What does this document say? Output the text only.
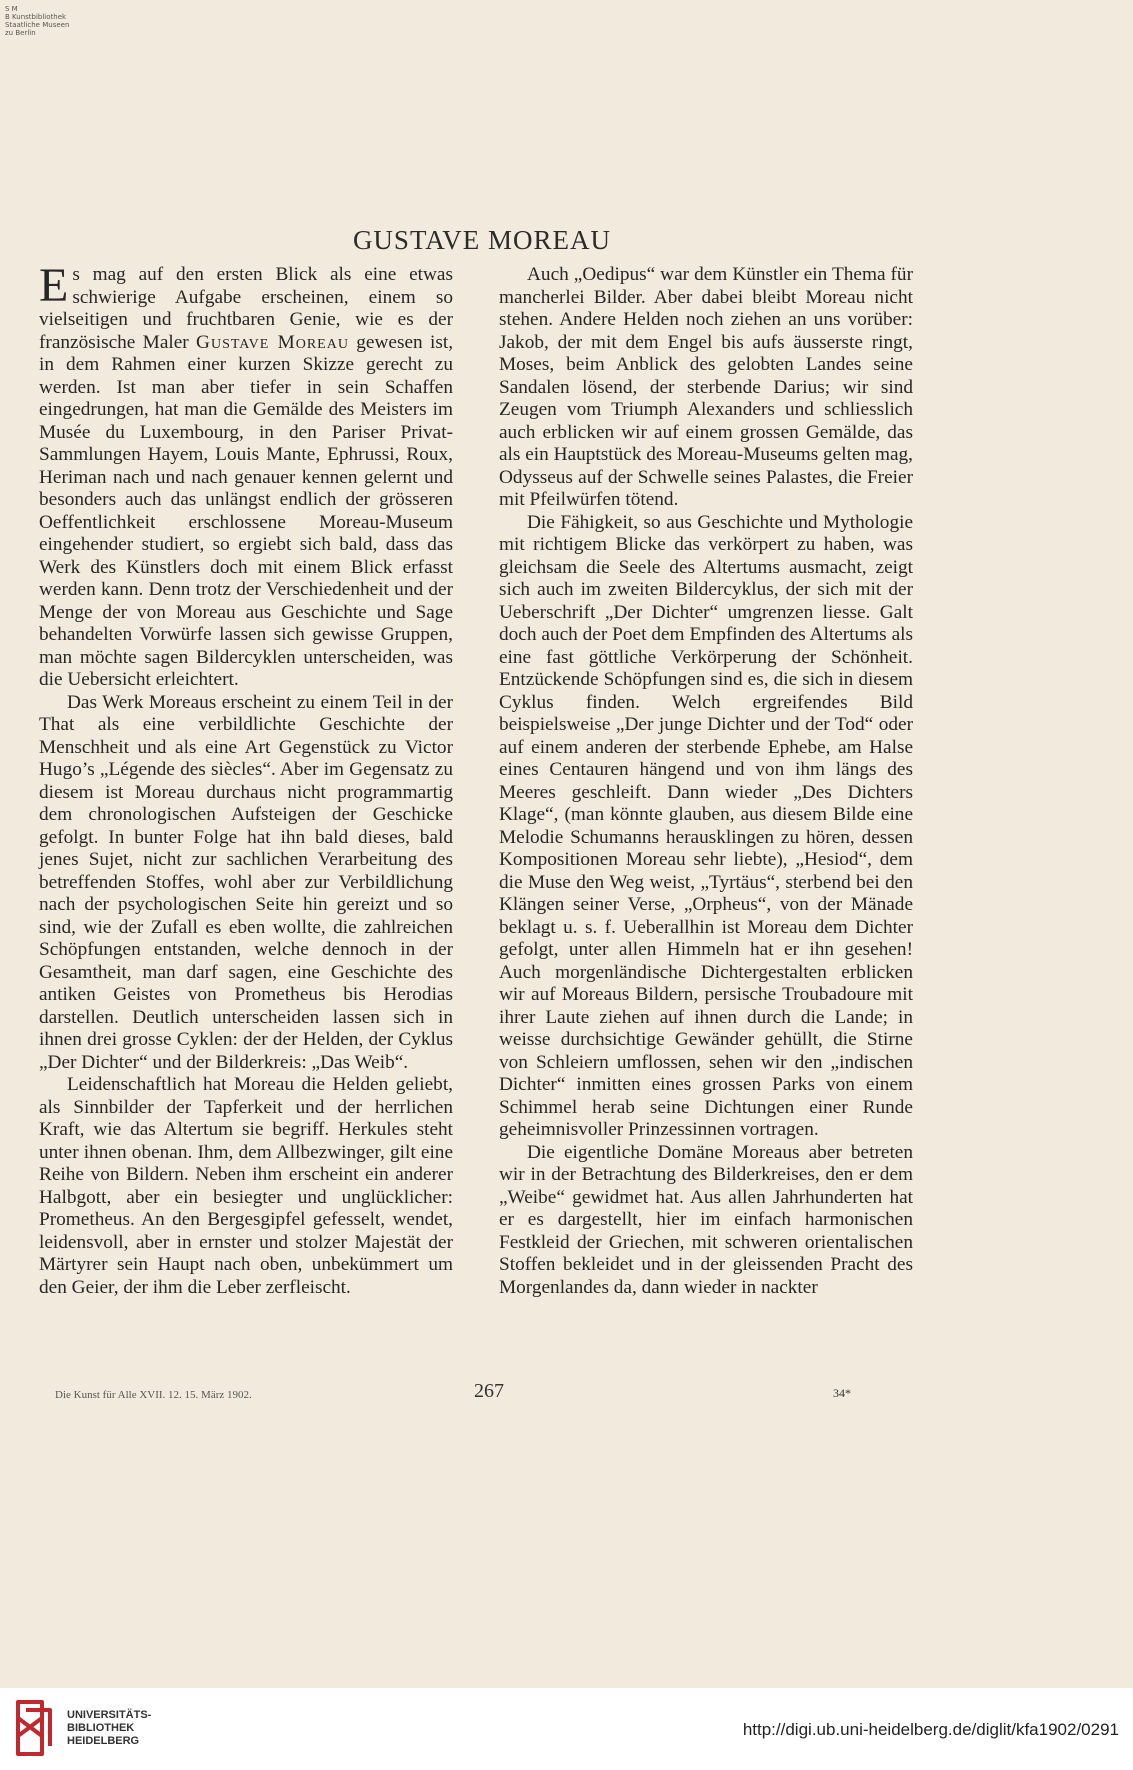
S M
B Kunstbibliothek
Staatliche Museen
zu Berlin
GUSTAVE MOREAU

Es mag auf den ersten Blick als eine etwas schwierige Aufgabe erscheinen, einem so vielseitigen und fruchtbaren Genie, wie es der französische Maler Gustave Moreau gewesen ist, in dem Rahmen einer kurzen Skizze gerecht zu werden. Ist man aber tiefer in sein Schaffen eingedrungen, hat man die Gemälde des Meisters im Musée du Luxembourg, in den Pariser Privat-Sammlungen Hayem, Louis Mante, Ephrussi, Roux, Heriman nach und nach genauer kennen gelernt und besonders auch das unlängst endlich der grösseren Oeffentlichkeit erschlossene Moreau-Museum eingehender studiert, so ergiebt sich bald, dass das Werk des Künstlers doch mit einem Blick erfasst werden kann. Denn trotz der Verschiedenheit und der Menge der von Moreau aus Geschichte und Sage behandelten Vorwürfe lassen sich gewisse Gruppen, man möchte sagen Bildercyklen unterscheiden, was die Uebersicht erleichtert.

Das Werk Moreaus erscheint zu einem Teil in der That als eine verbildlichte Geschichte der Menschheit und als eine Art Gegenstück zu Victor Hugo’s „Légende des siècles“. Aber im Gegensatz zu diesem ist Moreau durchaus nicht programmartig dem chronologischen Aufsteigen der Geschicke gefolgt. In bunter Folge hat ihn bald dieses, bald jenes Sujet, nicht zur sachlichen Verarbeitung des betreffenden Stoffes, wohl aber zur Verbildlichung nach der psychologischen Seite hin gereizt und so sind, wie der Zufall es eben wollte, die zahlreichen Schöpfungen entstanden, welche dennoch in der Gesamtheit, man darf sagen, eine Geschichte des antiken Geistes von Prometheus bis Herodias darstellen. Deutlich unterscheiden lassen sich in ihnen drei grosse Cyklen: der der Helden, der Cyklus „Der Dichter“ und der Bilderkreis: „Das Weib“.

Leidenschaftlich hat Moreau die Helden geliebt, als Sinnbilder der Tapferkeit und der herrlichen Kraft, wie das Altertum sie begriff. Herkules steht unter ihnen obenan. Ihm, dem Allbezwinger, gilt eine Reihe von Bildern. Neben ihm erscheint ein anderer Halbgott, aber ein besiegter und unglücklicher: Prometheus. An den Bergesgipfel gefesselt, wendet, leidensvoll, aber in ernster und stolzer Majestät der Märtyrer sein Haupt nach oben, unbekümmert um den Geier, der ihm die Leber zerfleischt.

Auch „Oedipus“ war dem Künstler ein Thema für mancherlei Bilder. Aber dabei bleibt Moreau nicht stehen. Andere Helden noch ziehen an uns vorüber: Jakob, der mit dem Engel bis aufs äusserste ringt, Moses, beim Anblick des gelobten Landes seine Sandalen lösend, der sterbende Darius; wir sind Zeugen vom Triumph Alexanders und schliesslich auch erblicken wir auf einem grossen Gemälde, das als ein Hauptstück des Moreau-Museums gelten mag, Odysseus auf der Schwelle seines Palastes, die Freier mit Pfeilwürfen tötend.

Die Fähigkeit, so aus Geschichte und Mythologie mit richtigem Blicke das verkörpert zu haben, was gleichsam die Seele des Altertums ausmacht, zeigt sich auch im zweiten Bildercyklus, der sich mit der Ueberschrift „Der Dichter“ umgrenzen liesse. Galt doch auch der Poet dem Empfinden des Altertums als eine fast göttliche Verkörperung der Schönheit. Entzückende Schöpfungen sind es, die sich in diesem Cyklus finden. Welch ergreifendes Bild beispielsweise „Der junge Dichter und der Tod“ oder auf einem anderen der sterbende Ephebe, am Halse eines Centauren hängend und von ihm längs des Meeres geschleift. Dann wieder „Des Dichters Klage“, (man könnte glauben, aus diesem Bilde eine Melodie Schumanns herausklingen zu hören, dessen Kompositionen Moreau sehr liebte), „Hesiod“, dem die Muse den Weg weist, „Tyrtäus“, sterbend bei den Klängen seiner Verse, „Orpheus“, von der Mänade beklagt u. s. f. Ueberallhin ist Moreau dem Dichter gefolgt, unter allen Himmeln hat er ihn gesehen! Auch morgenländische Dichtergestalten erblicken wir auf Moreaus Bildern, persische Troubadoure mit ihrer Laute ziehen auf ihnen durch die Lande; in weisse durchsichtige Gewänder gehüllt, die Stirne von Schleiern umflossen, sehen wir den „indischen Dichter“ inmitten eines grossen Parks von einem Schimmel herab seine Dichtungen einer Runde geheimnisvoller Prinzessinnen vortragen.

Die eigentliche Domäne Moreaus aber betreten wir in der Betrachtung des Bilderkreises, den er dem „Weibe“ gewidmet hat. Aus allen Jahrhunderten hat er es dargestellt, hier im einfach harmonischen Festkleid der Griechen, mit schweren orientalischen Stoffen bekleidet und in der gleissenden Pracht des Morgenlandes da, dann wieder in nackter

Die Kunst für Alle XVII. 12. 15. März 1902.	267	34*
UNIVERSITÄTS-
BIBLIOTHEK
HEIDELBERG
http://digi.ub.uni-heidelberg.de/diglit/kfa1902/0291
